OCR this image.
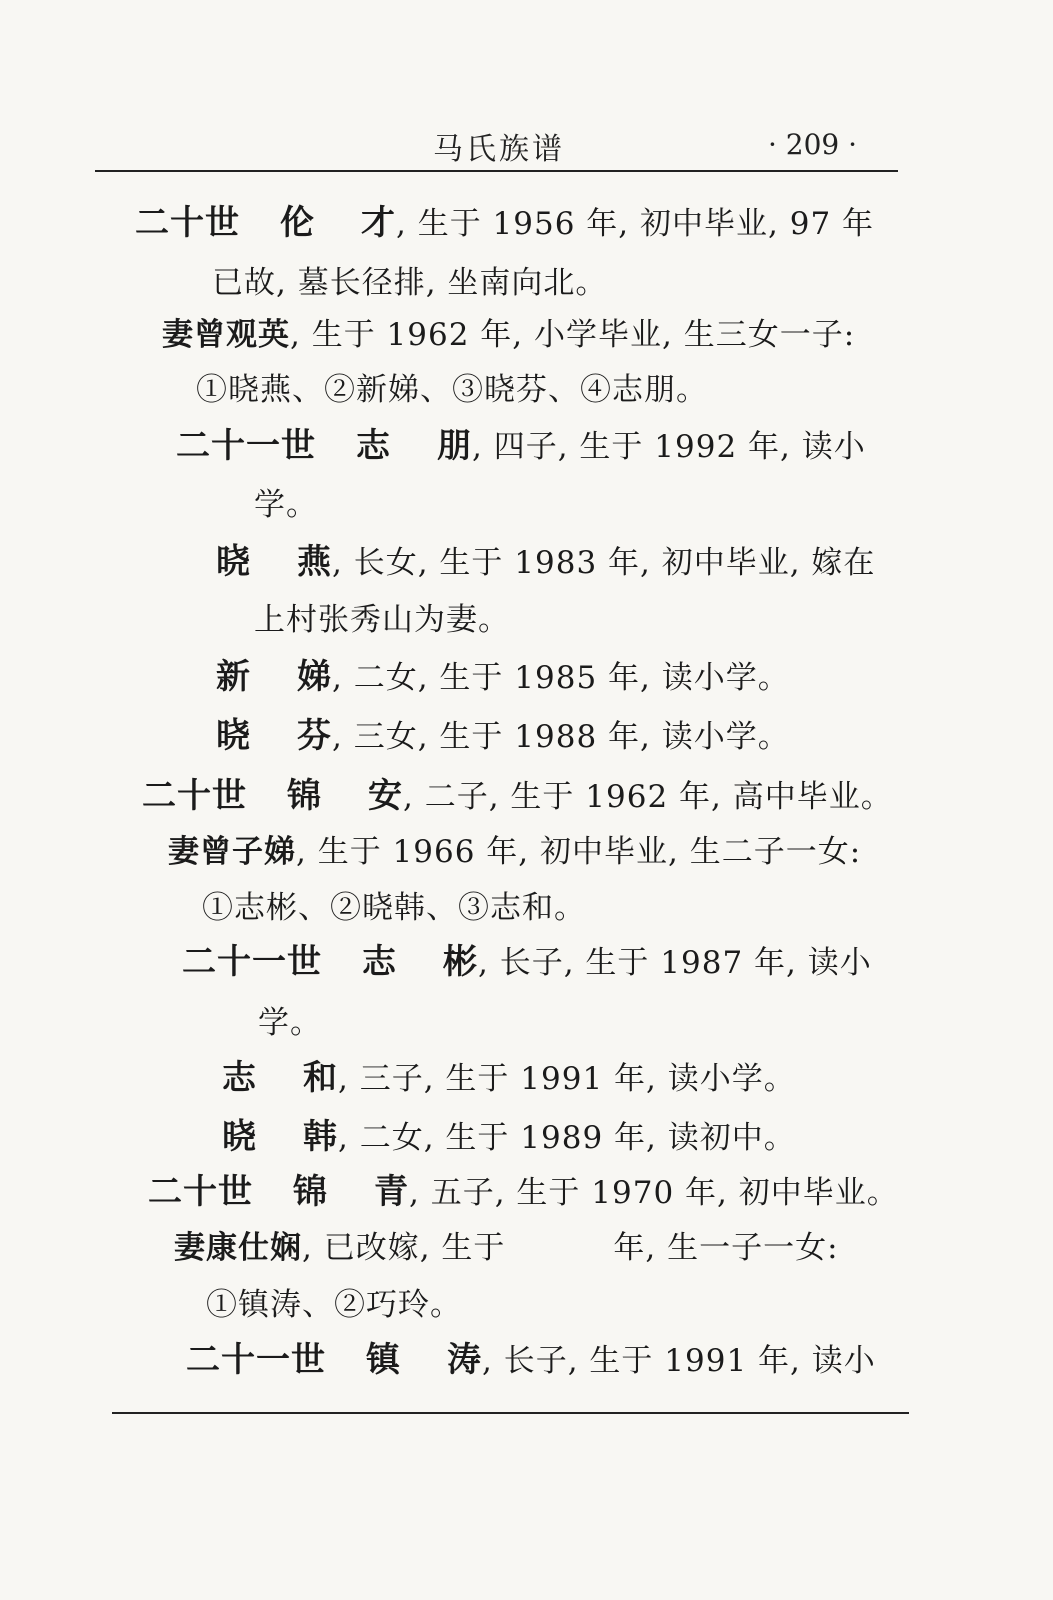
马氏族谱	· 209 ·
二十世 伦 才, 生于 1956 年, 初中毕业, 97 年
已故, 墓长径排, 坐南向北。
妻曾观英, 生于 1962 年, 小学毕业, 生三女一子:
①晓燕、②新娣、③晓芬、④志朋。
二十一世 志 朋, 四子, 生于 1992 年, 读小
学。
晓 燕, 长女, 生于 1983 年, 初中毕业, 嫁在
上村张秀山为妻。
新 娣, 二女, 生于 1985 年, 读小学。
晓 芬, 三女, 生于 1988 年, 读小学。
二十世 锦 安, 二子, 生于 1962 年, 高中毕业。
妻曾子娣, 生于 1966 年, 初中毕业, 生二子一女:
①志彬、②晓韩、③志和。
二十一世 志 彬, 长子, 生于 1987 年, 读小
学。
志 和, 三子, 生于 1991 年, 读小学。
晓 韩, 二女, 生于 1989 年, 读初中。
二十世 锦 青, 五子, 生于 1970 年, 初中毕业。
妻康仕娴, 已改嫁, 生于	年, 生一子一女:
①镇涛、②巧玲。
二十一世 镇 涛, 长子, 生于 1991 年, 读小
